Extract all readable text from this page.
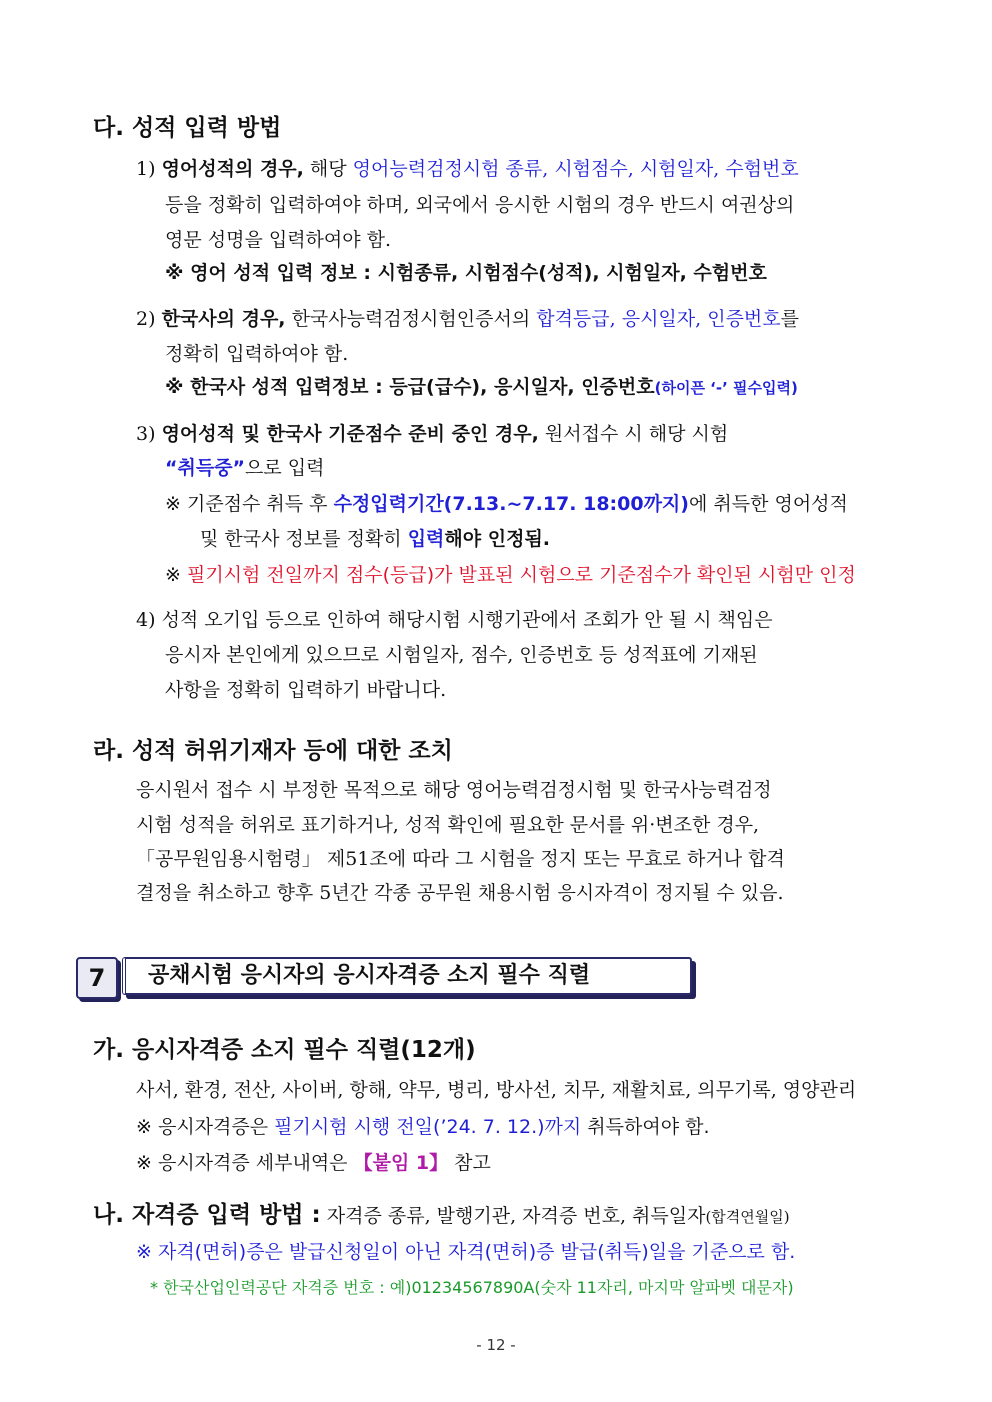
다. 성적 입력 방법
1) 영어성적의 경우, 해당 영어능력검정시험 종류, 시험점수, 시험일자, 수험번호
등을 정확히 입력하여야 하며, 외국에서 응시한 시험의 경우 반드시 여권상의
영문 성명을 입력하여야 함.
※ 영어 성적 입력 정보 : 시험종류, 시험점수(성적), 시험일자, 수험번호
2) 한국사의 경우, 한국사능력검정시험인증서의 합격등급, 응시일자, 인증번호를
정확히 입력하여야 함.
※ 한국사 성적 입력정보 : 등급(급수), 응시일자, 인증번호(하이픈 ‘-’ 필수입력)
3) 영어성적 및 한국사 기준점수 준비 중인 경우, 원서접수 시 해당 시험
“취득중”으로 입력
※ 기준점수 취득 후 수정입력기간(7.13.~7.17. 18:00까지)에 취득한 영어성적
및 한국사 정보를 정확히 입력해야 인정됨.
※ 필기시험 전일까지 점수(등급)가 발표된 시험으로 기준점수가 확인된 시험만 인정
4) 성적 오기입 등으로 인하여 해당시험 시행기관에서 조회가 안 될 시 책임은
응시자 본인에게 있으므로 시험일자, 점수, 인증번호 등 성적표에 기재된
사항을 정확히 입력하기 바랍니다.
라. 성적 허위기재자 등에 대한 조치
응시원서 접수 시 부정한 목적으로 해당 영어능력검정시험 및 한국사능력검정
시험 성적을 허위로 표기하거나, 성적 확인에 필요한 문서를 위·변조한 경우,
「공무원임용시험령」 제51조에 따라 그 시험을 정지 또는 무효로 하거나 합격
결정을 취소하고 향후 5년간 각종 공무원 채용시험 응시자격이 정지될 수 있음.
7	공채시험 응시자의 응시자격증 소지 필수 직렬
가. 응시자격증 소지 필수 직렬(12개)
사서, 환경, 전산, 사이버, 항해, 약무, 병리, 방사선, 치무, 재활치료, 의무기록, 영양관리
※ 응시자격증은 필기시험 시행 전일(’24. 7. 12.)까지 취득하여야 함.
※ 응시자격증 세부내역은 【붙임 1】 참고
나. 자격증 입력 방법 : 자격증 종류, 발행기관, 자격증 번호, 취득일자(합격연월일)
※ 자격(면허)증은 발급신청일이 아닌 자격(면허)증 발급(취득)일을 기준으로 함.
* 한국산업인력공단 자격증 번호 : 예)01234567890A(숫자 11자리, 마지막 알파벳 대문자)
- 12 -
